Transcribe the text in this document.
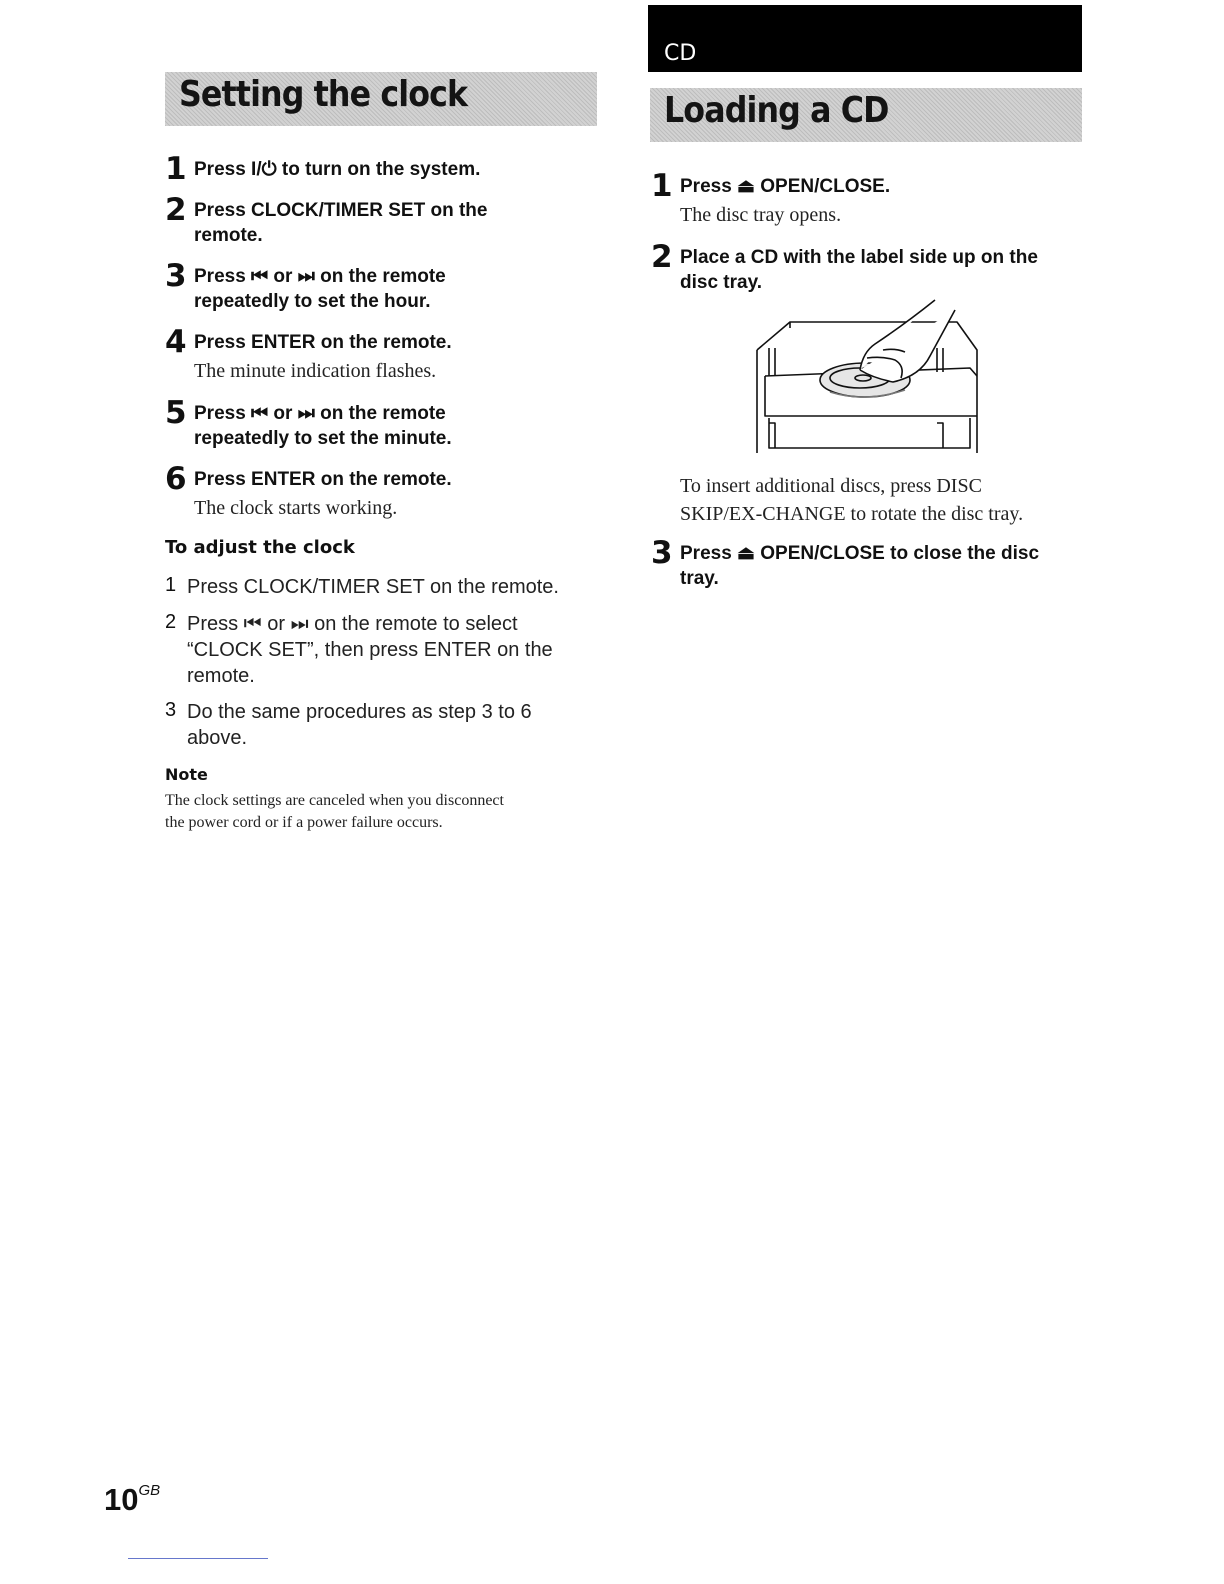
Setting the clock
1 Press I/⏻ to turn on the system.
2 Press CLOCK/TIMER SET on the
remote.
3 Press ⏮ or ⏭ on the remote
repeatedly to set the hour.
4 Press ENTER on the remote.
The minute indication flashes.
5 Press ⏮ or ⏭ on the remote
repeatedly to set the minute.
6 Press ENTER on the remote.
The clock starts working.
To adjust the clock
1 Press CLOCK/TIMER SET on the remote.
2 Press ⏮ or ⏭ on the remote to select
“CLOCK SET”, then press ENTER on the
remote.
3 Do the same procedures as step 3 to 6
above.
Note
The clock settings are canceled when you disconnect
the power cord or if a power failure occurs.
CD
Loading a CD
1 Press ⏏ OPEN/CLOSE.
The disc tray opens.
2 Place a CD with the label side up on the
disc tray.
To insert additional discs, press DISC
SKIP/EX-CHANGE to rotate the disc tray.
3 Press ⏏ OPEN/CLOSE to close the disc
tray.
$10^{GB}$
